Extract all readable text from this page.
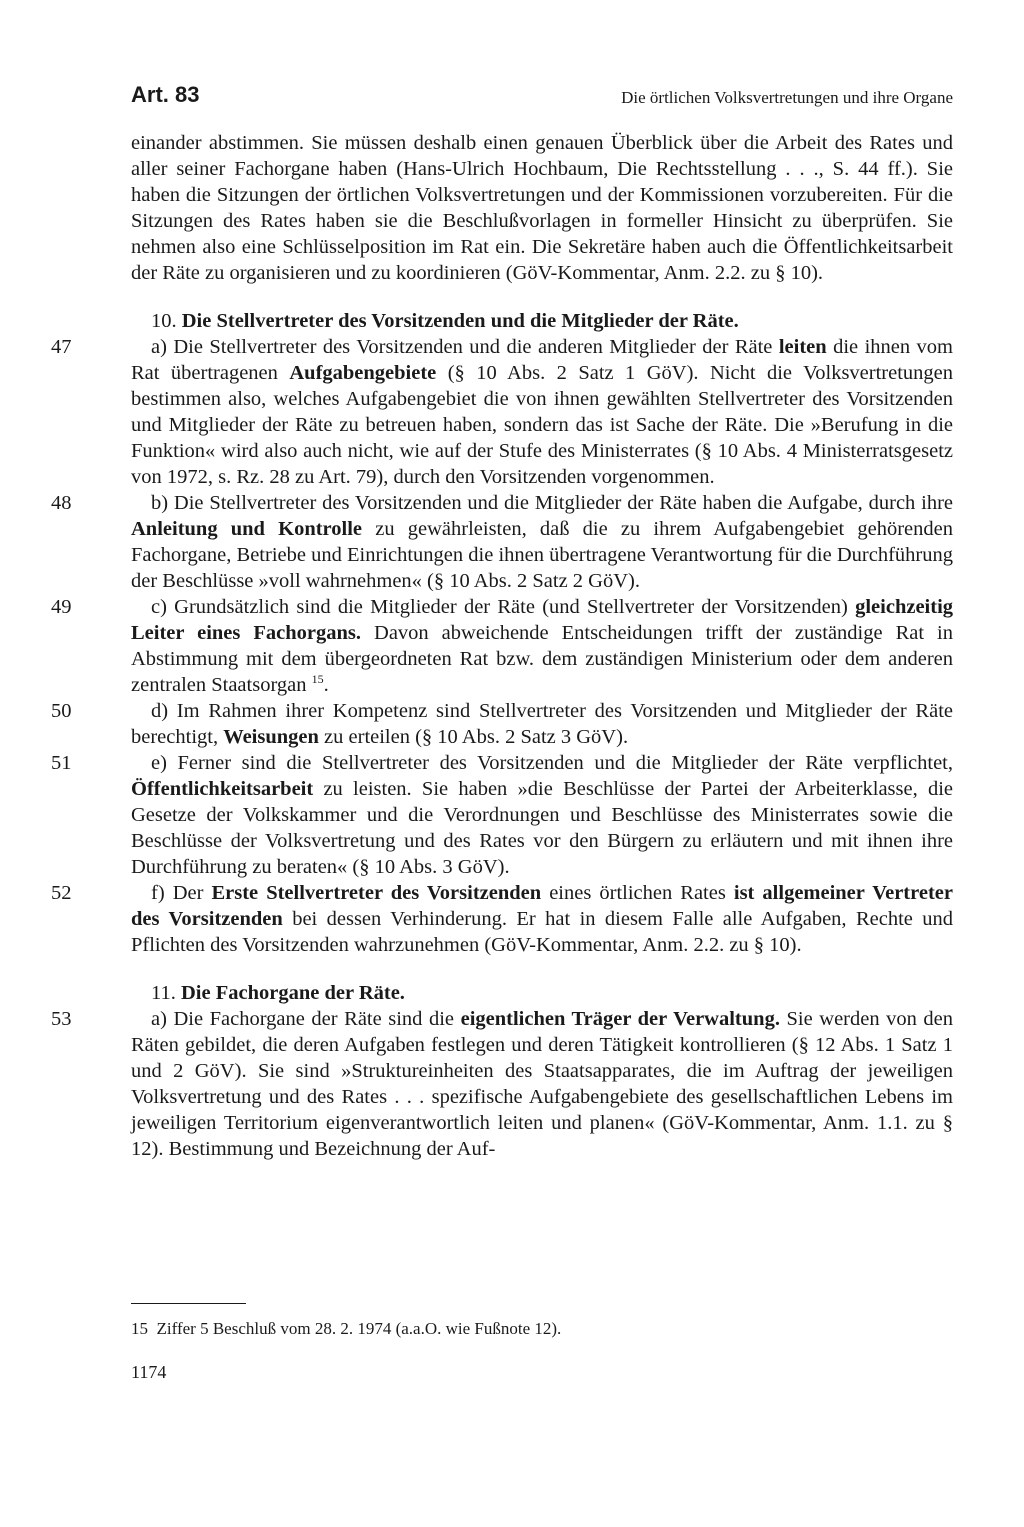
Art. 83	Die örtlichen Volksvertretungen und ihre Organe

einander abstimmen. Sie müssen deshalb einen genauen Überblick über die Arbeit des Rates und aller seiner Fachorgane haben (Hans-Ulrich Hochbaum, Die Rechtsstellung . . ., S. 44 ff.). Sie haben die Sitzungen der örtlichen Volksvertretungen und der Kommissionen vorzubereiten. Für die Sitzungen des Rates haben sie die Beschlußvorlagen in formeller Hinsicht zu überprüfen. Sie nehmen also eine Schlüsselposition im Rat ein. Die Sekretäre haben auch die Öffentlichkeitsarbeit der Räte zu organisieren und zu koordinieren (GöV-Kommentar, Anm. 2.2. zu § 10).

10. Die Stellvertreter des Vorsitzenden und die Mitglieder der Räte.

47	a) Die Stellvertreter des Vorsitzenden und die anderen Mitglieder der Räte leiten die ihnen vom Rat übertragenen Aufgabengebiete (§ 10 Abs. 2 Satz 1 GöV). Nicht die Volksvertretungen bestimmen also, welches Aufgabengebiet die von ihnen gewählten Stellvertreter des Vorsitzenden und Mitglieder der Räte zu betreuen haben, sondern das ist Sache der Räte. Die »Berufung in die Funktion« wird also auch nicht, wie auf der Stufe des Ministerrates (§ 10 Abs. 4 Ministerratsgesetz von 1972, s. Rz. 28 zu Art. 79), durch den Vorsitzenden vorgenommen.

48	b) Die Stellvertreter des Vorsitzenden und die Mitglieder der Räte haben die Aufgabe, durch ihre Anleitung und Kontrolle zu gewährleisten, daß die zu ihrem Aufgabengebiet gehörenden Fachorgane, Betriebe und Einrichtungen die ihnen übertragene Verantwortung für die Durchführung der Beschlüsse »voll wahrnehmen« (§ 10 Abs. 2 Satz 2 GöV).

49	c) Grundsätzlich sind die Mitglieder der Räte (und Stellvertreter der Vorsitzenden) gleichzeitig Leiter eines Fachorgans. Davon abweichende Entscheidungen trifft der zuständige Rat in Abstimmung mit dem übergeordneten Rat bzw. dem zuständigen Ministerium oder dem anderen zentralen Staatsorgan $^{15}$.

50	d) Im Rahmen ihrer Kompetenz sind Stellvertreter des Vorsitzenden und Mitglieder der Räte berechtigt, Weisungen zu erteilen (§ 10 Abs. 2 Satz 3 GöV).

51	e) Ferner sind die Stellvertreter des Vorsitzenden und die Mitglieder der Räte verpflichtet, Öffentlichkeitsarbeit zu leisten. Sie haben »die Beschlüsse der Partei der Arbeiterklasse, die Gesetze der Volkskammer und die Verordnungen und Beschlüsse des Ministerrates sowie die Beschlüsse der Volksvertretung und des Rates vor den Bürgern zu erläutern und mit ihnen ihre Durchführung zu beraten« (§ 10 Abs. 3 GöV).

52	f) Der Erste Stellvertreter des Vorsitzenden eines örtlichen Rates ist allgemeiner Vertreter des Vorsitzenden bei dessen Verhinderung. Er hat in diesem Falle alle Aufgaben, Rechte und Pflichten des Vorsitzenden wahrzunehmen (GöV-Kommentar, Anm. 2.2. zu § 10).

11. Die Fachorgane der Räte.

53	a) Die Fachorgane der Räte sind die eigentlichen Träger der Verwaltung. Sie werden von den Räten gebildet, die deren Aufgaben festlegen und deren Tätigkeit kontrollieren (§ 12 Abs. 1 Satz 1 und 2 GöV). Sie sind »Struktureinheiten des Staatsapparates, die im Auftrag der jeweiligen Volksvertretung und des Rates . . . spezifische Aufgabengebiete des gesellschaftlichen Lebens im jeweiligen Territorium eigenverantwortlich leiten und planen« (GöV-Kommentar, Anm. 1.1. zu § 12). Bestimmung und Bezeichnung der Auf-

15 Ziffer 5 Beschluß vom 28. 2. 1974 (a.a.O. wie Fußnote 12).
1174
